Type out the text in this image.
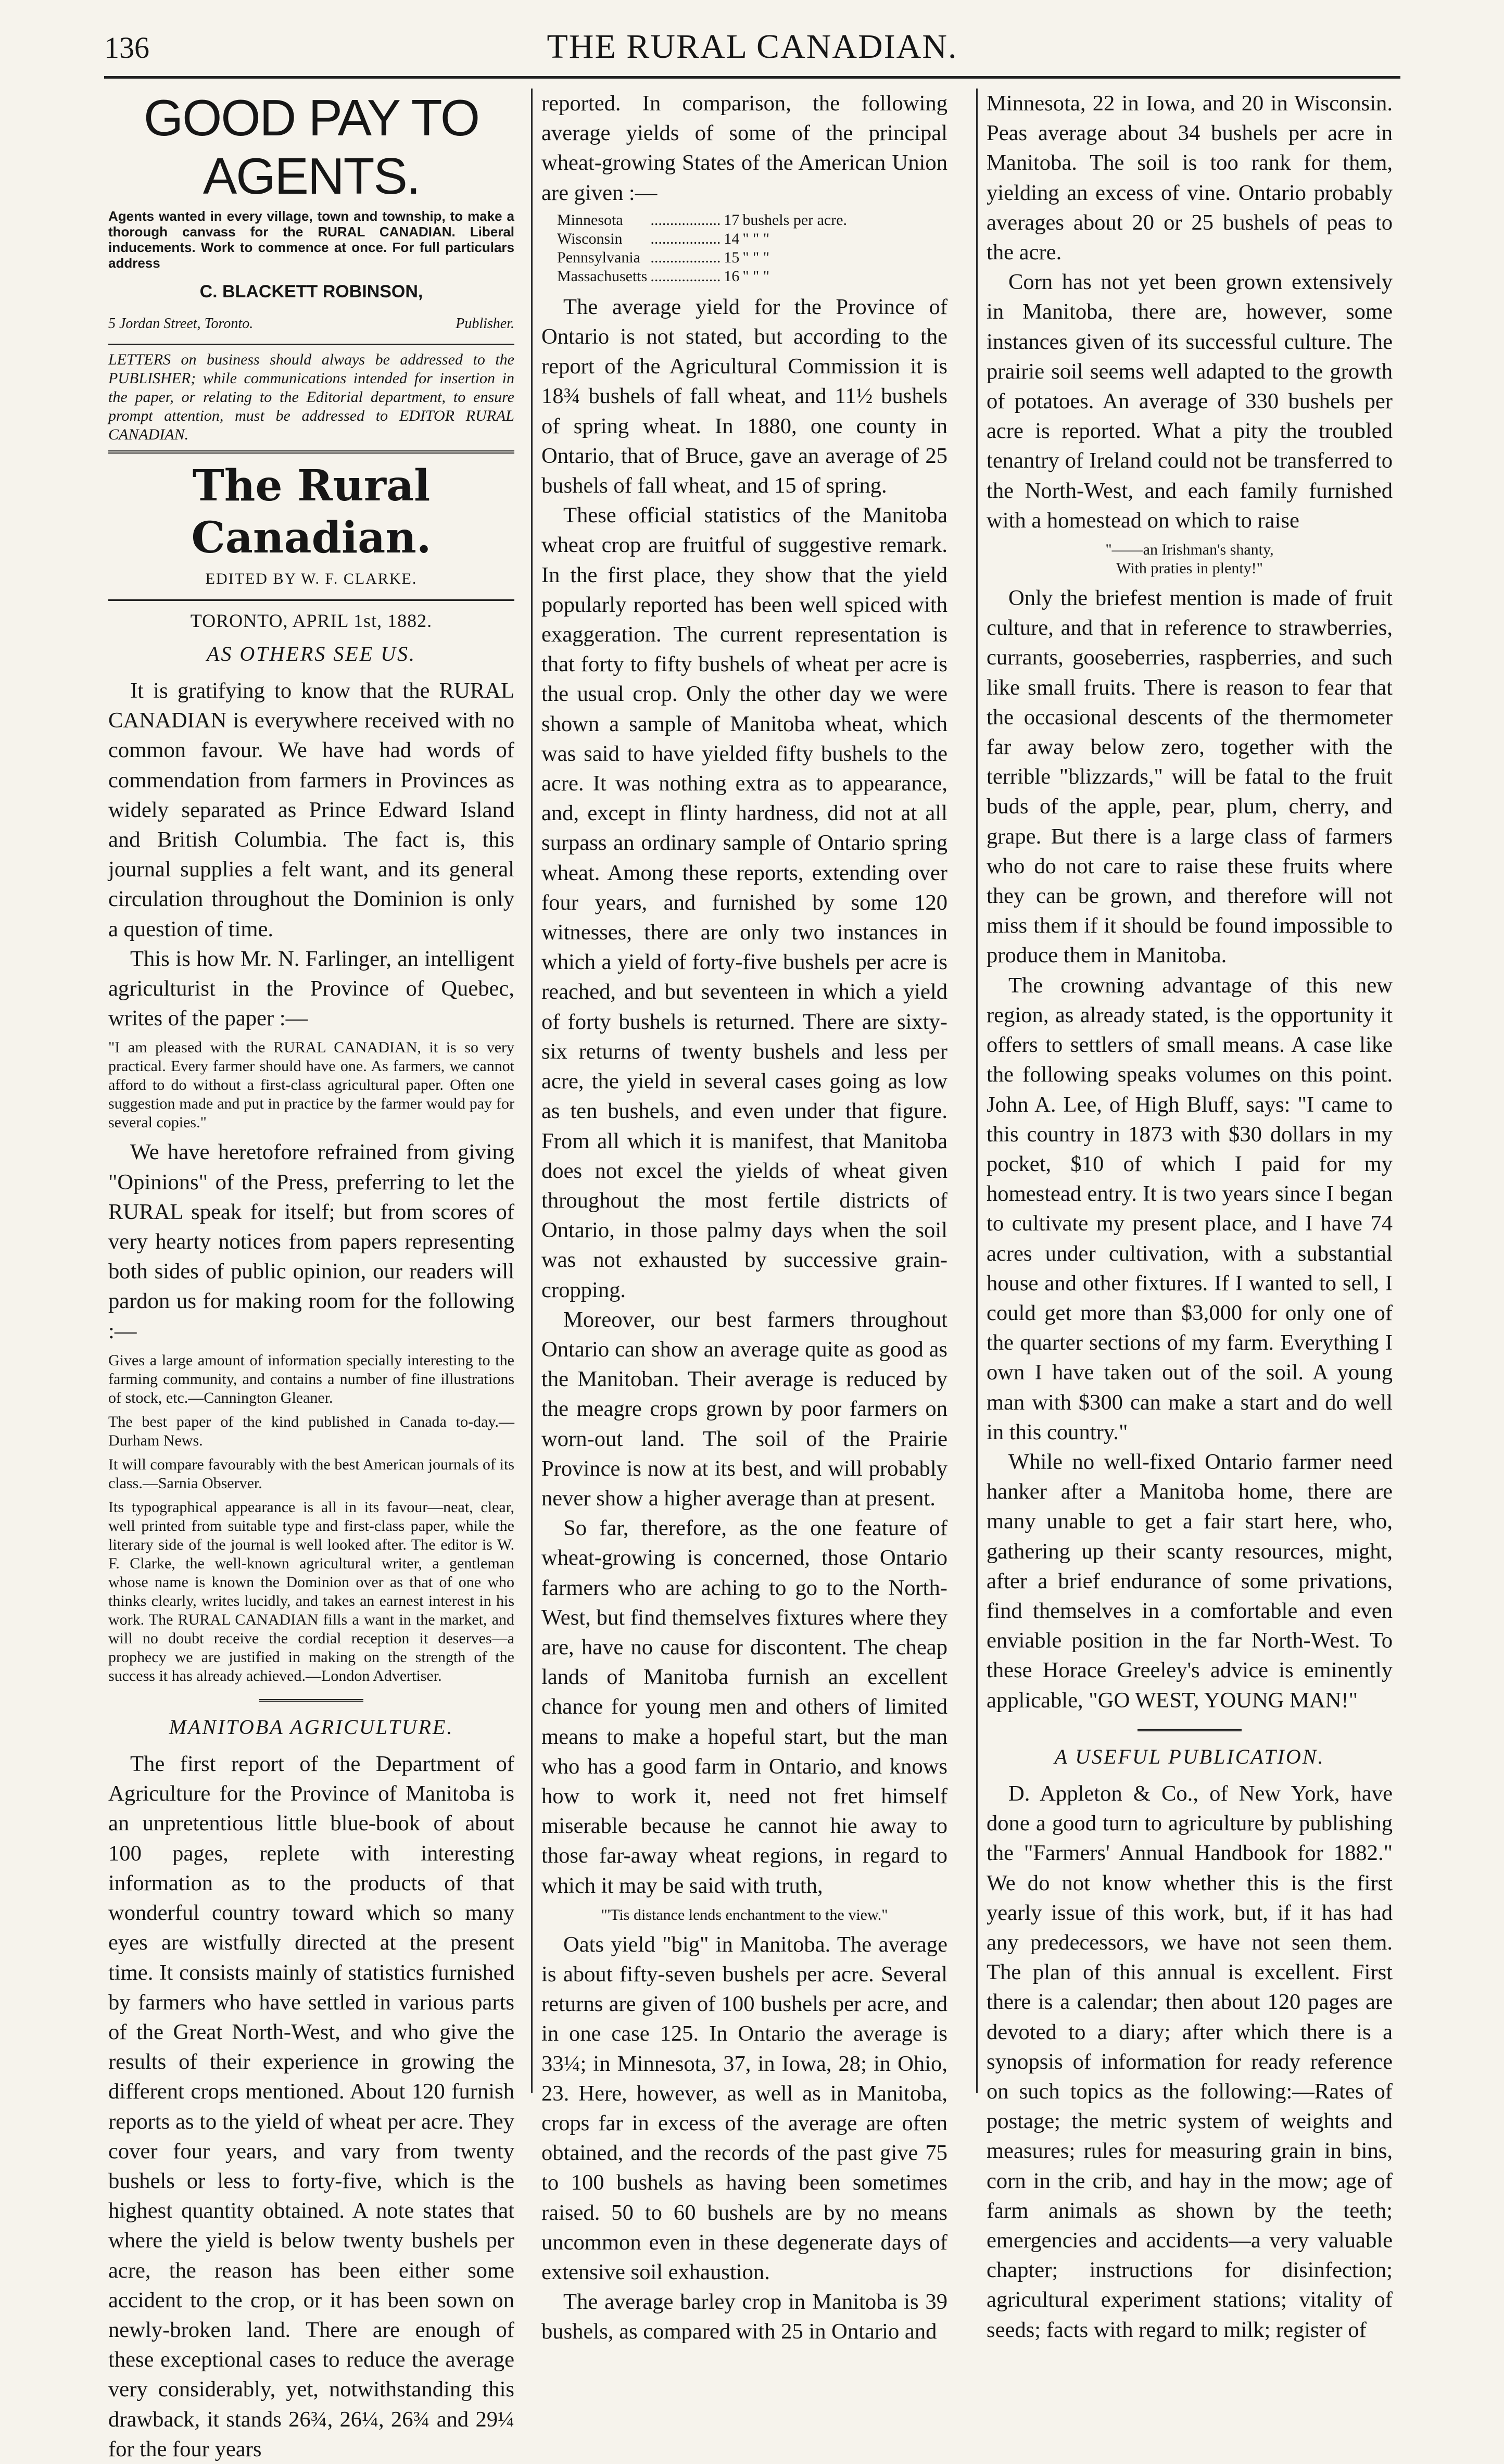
136	THE RURAL CANADIAN.
GOOD PAY TO AGENTS.
Agents wanted in every village, town and township, to make a thorough canvass for the RURAL CANADIAN. Liberal inducements. Work to commence at once. For full particulars address
C. BLACKETT ROBINSON,
5 Jordan Street, Toronto.	Publisher.
LETTERS on business should always be addressed to the PUBLISHER; while communications intended for insertion in the paper, or relating to the Editorial department, to ensure prompt attention, must be addressed to EDITOR RURAL CANADIAN.
The Rural Canadian.
EDITED BY W. F. CLARKE.
TORONTO, APRIL 1st, 1882.
AS OTHERS SEE US.

It is gratifying to know that the RURAL CANADIAN is everywhere received with no common favour. We have had words of commendation from farmers in Provinces as widely separated as Prince Edward Island and British Columbia. The fact is, this journal supplies a felt want, and its general circulation throughout the Dominion is only a question of time.

This is how Mr. N. Farlinger, an intelligent agriculturist in the Province of Quebec, writes of the paper :—

"I am pleased with the RURAL CANADIAN, it is so very practical. Every farmer should have one. As farmers, we cannot afford to do without a first-class agricultural paper. Often one suggestion made and put in practice by the farmer would pay for several copies."

We have heretofore refrained from giving "Opinions" of the Press, preferring to let the RURAL speak for itself; but from scores of very hearty notices from papers representing both sides of public opinion, our readers will pardon us for making room for the following :—

Gives a large amount of information specially interesting to the farming community, and contains a number of fine illustrations of stock, etc.—Cannington Gleaner.
The best paper of the kind published in Canada to-day.—Durham News.
It will compare favourably with the best American journals of its class.—Sarnia Observer.
Its typographical appearance is all in its favour—neat, clear, well printed from suitable type and first-class paper, while the literary side of the journal is well looked after. The editor is W. F. Clarke, the well-known agricultural writer, a gentleman whose name is known the Dominion over as that of one who thinks clearly, writes lucidly, and takes an earnest interest in his work. The RURAL CANADIAN fills a want in the market, and will no doubt receive the cordial reception it deserves—a prophecy we are justified in making on the strength of the success it has already achieved.—London Advertiser.
MANITOBA AGRICULTURE.

The first report of the Department of Agriculture for the Province of Manitoba is an unpretentious little blue-book of about 100 pages, replete with interesting information as to the products of that wonderful country toward which so many eyes are wistfully directed at the present time. It consists mainly of statistics furnished by farmers who have settled in various parts of the Great North-West, and who give the results of their experience in growing the different crops mentioned. About 120 furnish reports as to the yield of wheat per acre. They cover four years, and vary from twenty bushels or less to forty-five, which is the highest quantity obtained. A note states that where the yield is below twenty bushels per acre, the reason has been either some accident to the crop, or it has been sown on newly-broken land. There are enough of these exceptional cases to reduce the average very considerably, yet, notwithstanding this drawback, it stands 26¾, 26¼, 26¾ and 29¼ for the four years

reported. In comparison, the following average yields of some of the principal wheat-growing States of the American Union are given :—

Minnesota	..................	17	bushels per acre.
Wisconsin	..................	14	" " "
Pennsylvania	..................	15	" " "
Massachusetts	..................	16	" " "

The average yield for the Province of Ontario is not stated, but according to the report of the Agricultural Commission it is 18¾ bushels of fall wheat, and 11½ bushels of spring wheat. In 1880, one county in Ontario, that of Bruce, gave an average of 25 bushels of fall wheat, and 15 of spring.

These official statistics of the Manitoba wheat crop are fruitful of suggestive remark. In the first place, they show that the yield popularly reported has been well spiced with exaggeration. The current representation is that forty to fifty bushels of wheat per acre is the usual crop. Only the other day we were shown a sample of Manitoba wheat, which was said to have yielded fifty bushels to the acre. It was nothing extra as to appearance, and, except in flinty hardness, did not at all surpass an ordinary sample of Ontario spring wheat. Among these reports, extending over four years, and furnished by some 120 witnesses, there are only two instances in which a yield of forty-five bushels per acre is reached, and but seventeen in which a yield of forty bushels is returned. There are sixty-six returns of twenty bushels and less per acre, the yield in several cases going as low as ten bushels, and even under that figure. From all which it is manifest, that Manitoba does not excel the yields of wheat given throughout the most fertile districts of Ontario, in those palmy days when the soil was not exhausted by successive grain-cropping.

Moreover, our best farmers throughout Ontario can show an average quite as good as the Manitoban. Their average is reduced by the meagre crops grown by poor farmers on worn-out land. The soil of the Prairie Province is now at its best, and will probably never show a higher average than at present.

So far, therefore, as the one feature of wheat-growing is concerned, those Ontario farmers who are aching to go to the North-West, but find themselves fixtures where they are, have no cause for discontent. The cheap lands of Manitoba furnish an excellent chance for young men and others of limited means to make a hopeful start, but the man who has a good farm in Ontario, and knows how to work it, need not fret himself miserable because he cannot hie away to those far-away wheat regions, in regard to which it may be said with truth,

"'Tis distance lends enchantment to the view."

Oats yield "big" in Manitoba. The average is about fifty-seven bushels per acre. Several returns are given of 100 bushels per acre, and in one case 125. In Ontario the average is 33¼; in Minnesota, 37, in Iowa, 28; in Ohio, 23. Here, however, as well as in Manitoba, crops far in excess of the average are often obtained, and the records of the past give 75 to 100 bushels as having been sometimes raised. 50 to 60 bushels are by no means uncommon even in these degenerate days of extensive soil exhaustion.

The average barley crop in Manitoba is 39 bushels, as compared with 25 in Ontario and

Minnesota, 22 in Iowa, and 20 in Wisconsin. Peas average about 34 bushels per acre in Manitoba. The soil is too rank for them, yielding an excess of vine. Ontario probably averages about 20 or 25 bushels of peas to the acre.

Corn has not yet been grown extensively in Manitoba, there are, however, some instances given of its successful culture. The prairie soil seems well adapted to the growth of potatoes. An average of 330 bushels per acre is reported. What a pity the troubled tenantry of Ireland could not be transferred to the North-West, and each family furnished with a homestead on which to raise

"——an Irishman's shanty,
With praties in plenty!"

Only the briefest mention is made of fruit culture, and that in reference to strawberries, currants, gooseberries, raspberries, and such like small fruits. There is reason to fear that the occasional descents of the thermometer far away below zero, together with the terrible "blizzards," will be fatal to the fruit buds of the apple, pear, plum, cherry, and grape. But there is a large class of farmers who do not care to raise these fruits where they can be grown, and therefore will not miss them if it should be found impossible to produce them in Manitoba.

The crowning advantage of this new region, as already stated, is the opportunity it offers to settlers of small means. A case like the following speaks volumes on this point. John A. Lee, of High Bluff, says: "I came to this country in 1873 with $30 dollars in my pocket, $10 of which I paid for my homestead entry. It is two years since I began to cultivate my present place, and I have 74 acres under cultivation, with a substantial house and other fixtures. If I wanted to sell, I could get more than $3,000 for only one of the quarter sections of my farm. Everything I own I have taken out of the soil. A young man with $300 can make a start and do well in this country."

While no well-fixed Ontario farmer need hanker after a Manitoba home, there are many unable to get a fair start here, who, gathering up their scanty resources, might, after a brief endurance of some privations, find themselves in a comfortable and even enviable position in the far North-West. To these Horace Greeley's advice is eminently applicable, "GO WEST, YOUNG MAN!"

A USEFUL PUBLICATION.

D. Appleton & Co., of New York, have done a good turn to agriculture by publishing the "Farmers' Annual Handbook for 1882." We do not know whether this is the first yearly issue of this work, but, if it has had any predecessors, we have not seen them. The plan of this annual is excellent. First there is a calendar; then about 120 pages are devoted to a diary; after which there is a synopsis of information for ready reference on such topics as the following:—Rates of postage; the metric system of weights and measures; rules for measuring grain in bins, corn in the crib, and hay in the mow; age of farm animals as shown by the teeth; emergencies and accidents—a very valuable chapter; instructions for disinfection; agricultural experiment stations; vitality of seeds; facts with regard to milk; register of
